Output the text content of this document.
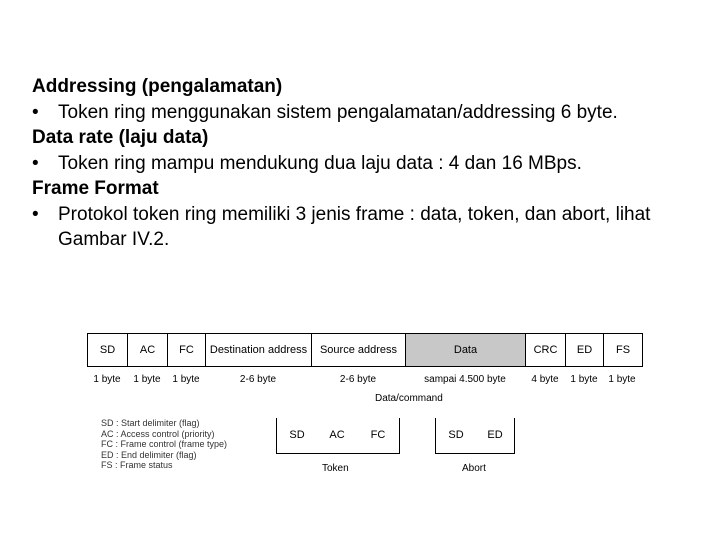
Addressing (pengalamatan)
• Token ring menggunakan sistem pengalamatan/addressing 6 byte.
Data rate (laju data)
• Token ring mampu mendukung dua laju data : 4 dan 16 MBps.
Frame Format
• Protokol token ring memiliki 3 jenis frame : data, token, dan abort, lihat Gambar IV.2.
SD	AC	FC	Destination address	Source address	Data	CRC	ED	FS
1 byte	1 byte	1 byte	2-6 byte	2-6 byte	sampai 4.500 byte	4 byte	1 byte	1 byte
Data/command
SD : Start delimiter (flag)
AC : Access control (priority)
FC : Frame control (frame type)
ED : End delimiter (flag)
FS : Frame status
SD	AC	FC
Token
SD	ED
Abort
